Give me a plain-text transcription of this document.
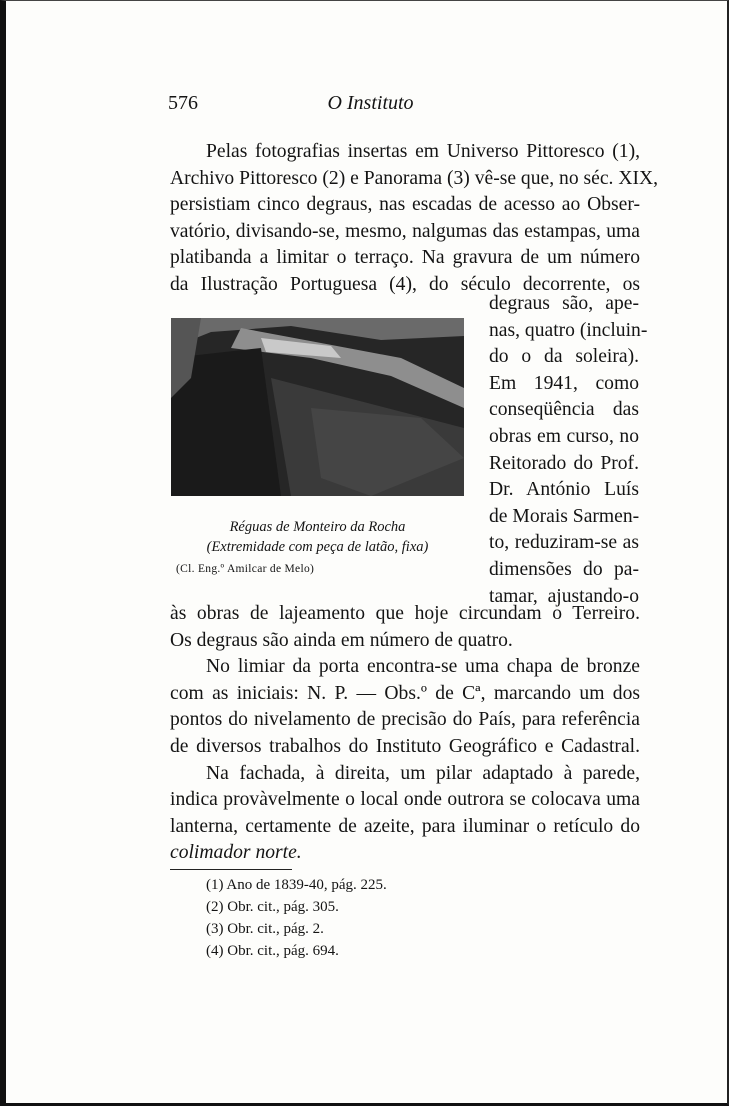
576	O Instituto
Pelas fotografias insertas em Universo Pittoresco (1),
Archivo Pittoresco (2) e Panorama (3) vê-se que, no séc. XIX,
persistiam cinco degraus, nas escadas de acesso ao Obser-
vatório, divisando-se, mesmo, nalgumas das estampas, uma
platibanda a limitar o terraço. Na gravura de um número
da Ilustração Portuguesa (4), do século decorrente, os
degraus são, ape-
nas, quatro (incluin-
do o da soleira).
Em 1941, como
conseqüência das
obras em curso, no
Reitorado do Prof.
Dr. António Luís
de Morais Sarmen-
to, reduziram-se as
dimensões do pa-
tamar, ajustando-o
Réguas de Monteiro da Rocha
(Extremidade com peça de latão, fixa)
(Cl. Eng.º Amilcar de Melo)
às obras de lajeamento que hoje circundam o Terreiro.
Os degraus são ainda em número de quatro.
No limiar da porta encontra-se uma chapa de bronze
com as iniciais: N. P. — Obs.º de Cª, marcando um dos
pontos do nivelamento de precisão do País, para referência
de diversos trabalhos do Instituto Geográfico e Cadastral.
Na fachada, à direita, um pilar adaptado à parede,
indica provàvelmente o local onde outrora se colocava uma
lanterna, certamente de azeite, para iluminar o retículo do
colimador norte.
(1) Ano de 1839-40, pág. 225.
(2) Obr. cit., pág. 305.
(3) Obr. cit., pág. 2.
(4) Obr. cit., pág. 694.
